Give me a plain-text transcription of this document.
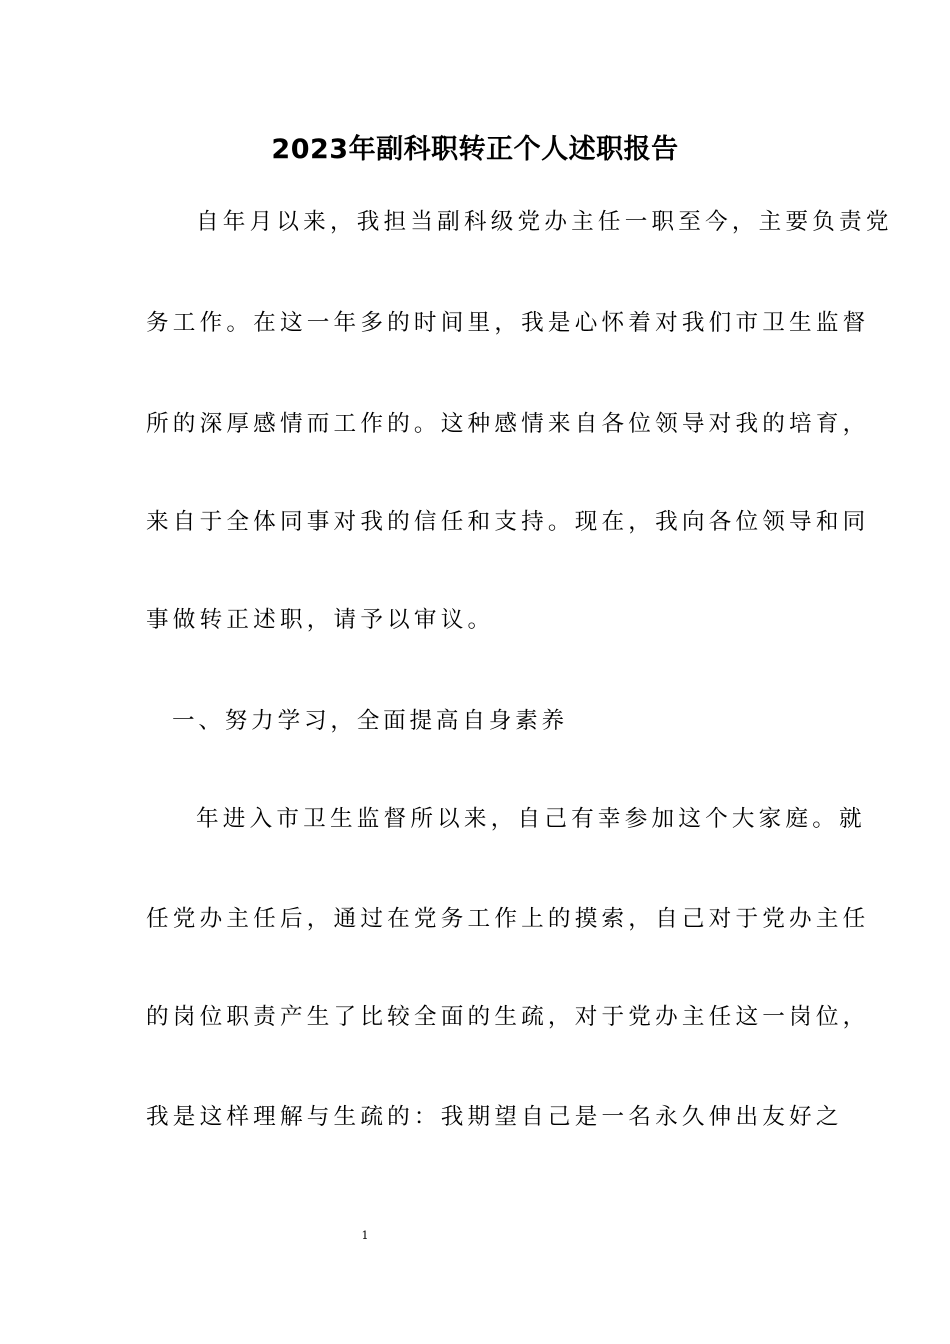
2023年副科职转正个人述职报告
自年月以来，我担当副科级党办主任一职至今，主要负责党
务工作。在这一年多的时间里，我是心怀着对我们市卫生监督
所的深厚感情而工作的。这种感情来自各位领导对我的培育，
来自于全体同事对我的信任和支持。现在，我向各位领导和同
事做转正述职，请予以审议。
一、努力学习，全面提高自身素养
年进入市卫生监督所以来，自己有幸参加这个大家庭。就
任党办主任后，通过在党务工作上的摸索，自己对于党办主任
的岗位职责产生了比较全面的生疏，对于党办主任这一岗位，
我是这样理解与生疏的：我期望自己是一名永久伸出友好之
1
